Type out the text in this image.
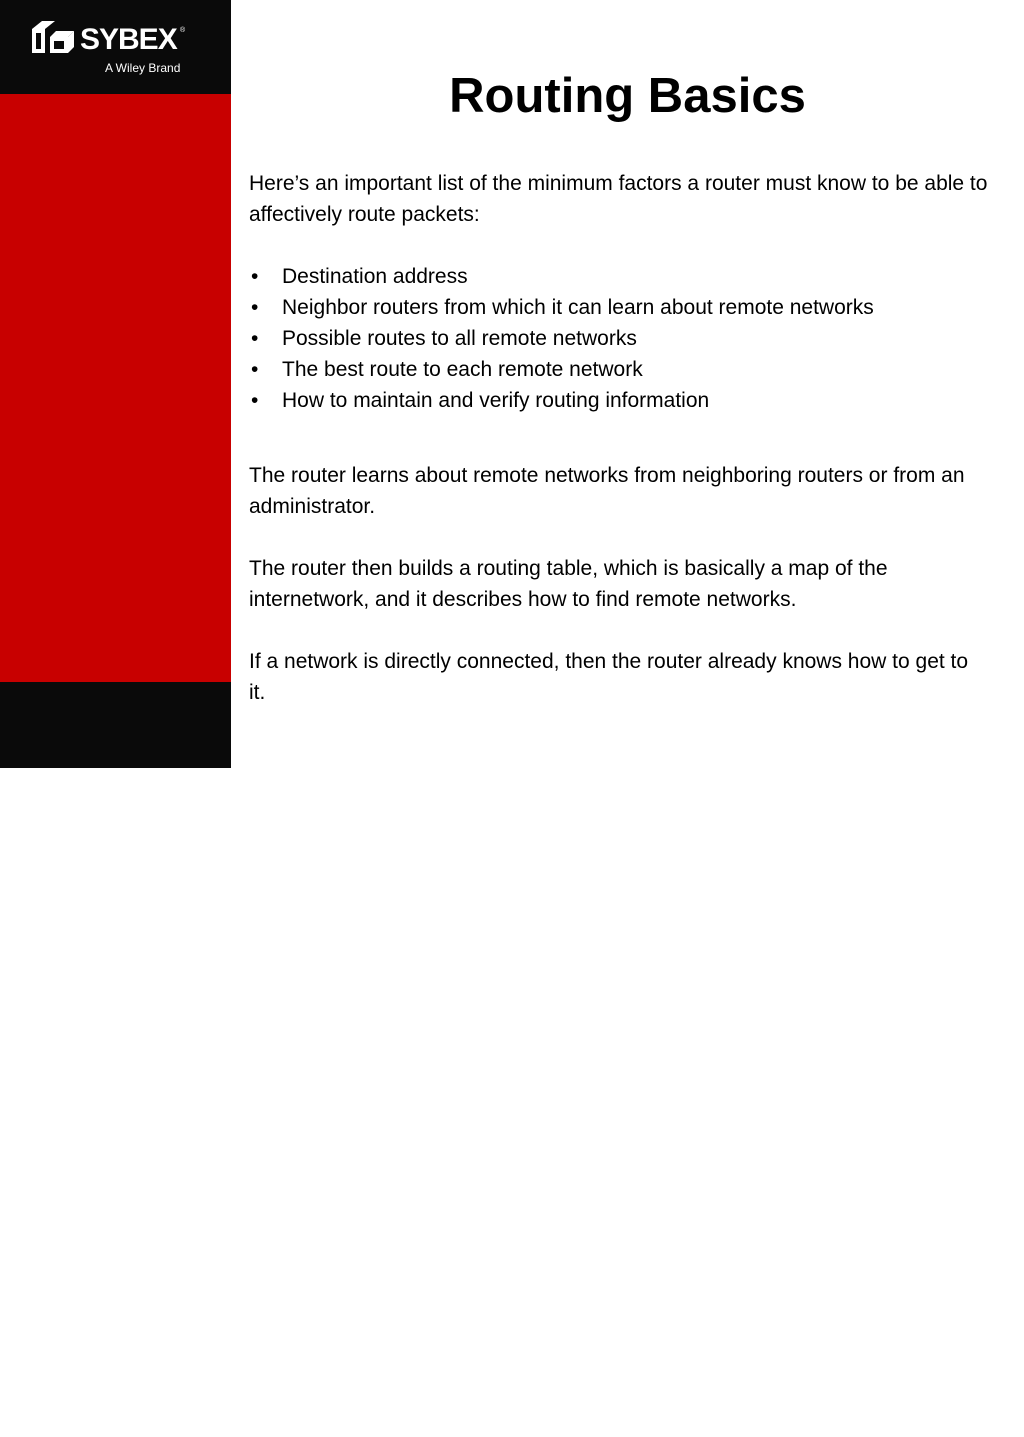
SYBEX ®
A Wiley Brand
W ILEY
Routing Basics

Here’s an important list of the minimum factors a router must know to be able to affectively route packets:

• Destination address
• Neighbor routers from which it can learn about remote networks
• Possible routes to all remote networks
• The best route to each remote network
• How to maintain and verify routing information

The router learns about remote networks from neighboring routers or from an administrator.

The router then builds a routing table, which is basically a map of the internetwork, and it describes how to find remote networks.

If a network is directly connected, then the router already knows how to get to it.
